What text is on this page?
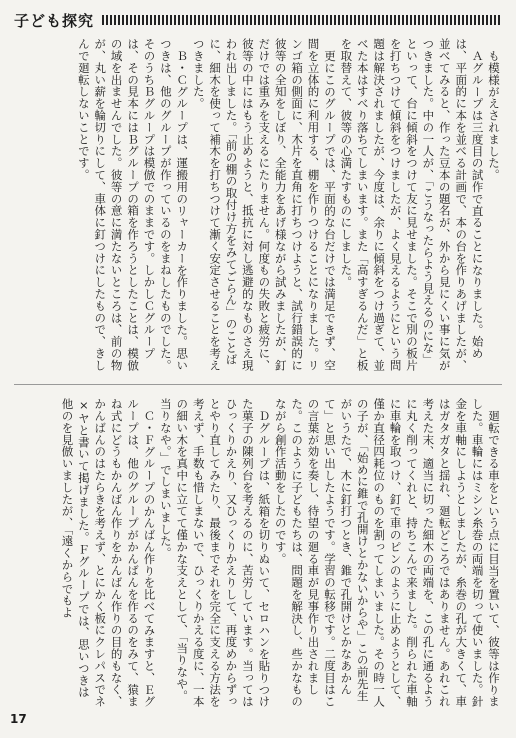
子ども探究

も模様がえされました。

Ａグループは三度目の試作で直ることになりました。始めは、平面的に本を並べる計画で、本の台を作りあげましたが、並べてみると、作った豆本の題名が、外から見にくい事に気がつきました。中の一人が、「こうなったらよう見えるのにな」といって、台に傾斜をつけて友に見せました。そこで別の板片を打ちつけて傾斜をつけましたが、よく見えるようにという問題は解決されましたが、今度は、余りに傾斜をつけ過ぎて、並べた本はすべり落ちてしまいます。また「高すぎるんだ」と板を取替えて、彼等の心満たすものにしました。

更にこのグループでは、平面的な台だけでは満足できず、空間を立体的に利用する、棚を作りつけることになりました。リンゴ箱の側面に、木片を直角に打ちつけようと、試行錯誤的に彼等の全知をしぼり、全能力をあげ様ながら試みましたが、釘だけでは重みを支えるにたりません。何度もの失敗と疲労に、彼等の中にはもう止めようと、抵抗に対し逃避的なものさえ現われ出しました。「前の棚の取付け方をみてごらん」のことばに、細木を使って補木を打ちつけて漸く安定させることを考えつきました。

Ｂ・Ｃグループは、運搬用のリャーカーを作りました。思いつきは、他のグループが作っているのをまねしたものでした。そのうちＢグループは模倣でのままです。しかしＣグループは、その見本にはＢグループの箱を作ろうとしたことは、模倣の域を出ませんでした。彼等の意に満たないところは、前の物が、丸い薪を輪切りにして、車体に釘つけにしたもので、きしんで廻転しないことです。

廻転できる車をという点に目当を置いて、彼等は作りました。車輪にはミシン糸巻の両端を切って使いました。針金を車軸にしようとしましたが、糸巻の孔が大きくて、車はガタガタと揺れ、廻転どころではありません。あれこれ考えた末、適当に切った細木の両端を、この孔に通るように丸く削ってくれと、持ちこんで来ました。削られた車軸に車輪を取つけ、釘で車のピンのように止めようとして、僅か直径四耗位のものを割ってしまいました。その時一人の子が、「始めに錐で孔開けとかないからや」この前先生がいうたで、木に釘打つとき、錐で孔開けとかなあかんて」と思い出したようです。学習の転移です。二度目はこの言葉が効を奏し、待望の廻る車が見事作り出されました。このように子どもたちは、問題を解決し、些かなものながら創作活動をしたのです。

Ｄグループは、紙箱を切りぬいて、セロハンを貼りつけた菓子の陳列台を考えるのに、苦労しています。当ってはひっくりかえり、又ひっくりかえりして、再度めからずっとやり直してみたり、最後までそれを完全に支える方法を考えず、手数も惜しまないで、ひっくりかえる度に、一本の細い木を真中に立てて僅かな支えとして、「当りなや。当りなや。」でしまいました。

Ｃ・Ｆグループのかんばん作りを比べてみますと、Ｅグループは、他のグループがかんばんを作るのをみて、猿まね式にどうもかんばん作りをかんばん作りの目的もなく、かんばんのはたらきを考えず、とにかく板にクレパスでネ×ヤと書いて掲げました。Ｆグループでは、思いつきは他のを見倣いましたが、「遠くからでもよ

17
